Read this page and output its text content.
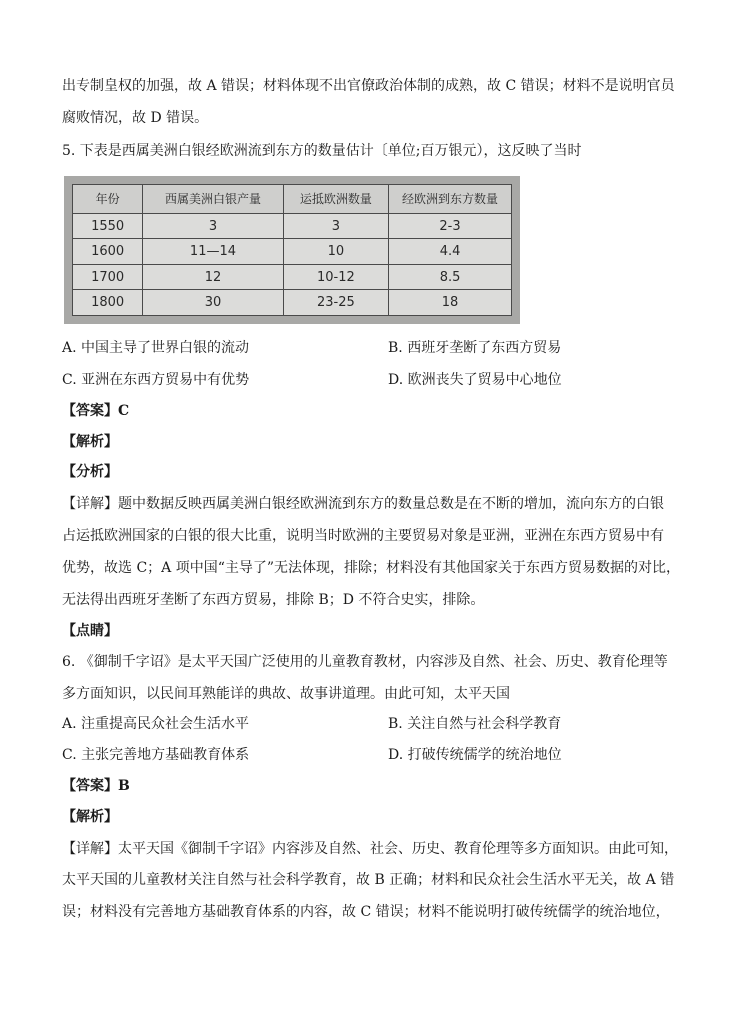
出专制皇权的加强，故 A 错误；材料体现不出官僚政治体制的成熟，故 C 错误；材料不是说明官员
腐败情况，故 D 错误。
5. 下表是西属美洲白银经欧洲流到东方的数量估计〔单位;百万银元），这反映了当时
年份	西属美洲白银产量	运抵欧洲数量	经欧洲到东方数量
1550	3	3	2-3
1600	11—14	10	4.4
1700	12	10-12	8.5
1800	30	23-25	18
A. 中国主导了世界白银的流动	B. 西班牙垄断了东西方贸易
C. 亚洲在东西方贸易中有优势	D. 欧洲丧失了贸易中心地位
【答案】C
【解析】
【分析】
【详解】题中数据反映西属美洲白银经欧洲流到东方的数量总数是在不断的增加，流向东方的白银
占运抵欧洲国家的白银的很大比重，说明当时欧洲的主要贸易对象是亚洲，亚洲在东西方贸易中有
优势，故选 C；A 项中国“主导了”无法体现，排除；材料没有其他国家关于东西方贸易数据的对比，
无法得出西班牙垄断了东西方贸易，排除 B；D 不符合史实，排除。
【点睛】
6. 《御制千字诏》是太平天国广泛使用的儿童教育教材，内容涉及自然、社会、历史、教育伦理等
多方面知识，以民间耳熟能详的典故、故事讲道理。由此可知，太平天国
A. 注重提高民众社会生活水平	B. 关注自然与社会科学教育
C. 主张完善地方基础教育体系	D. 打破传统儒学的统治地位
【答案】B
【解析】
【详解】太平天国《御制千字诏》内容涉及自然、社会、历史、教育伦理等多方面知识。由此可知，
太平天国的儿童教材关注自然与社会科学教育，故 B 正确；材料和民众社会生活水平无关，故 A 错
误；材料没有完善地方基础教育体系的内容，故 C 错误；材料不能说明打破传统儒学的统治地位，
